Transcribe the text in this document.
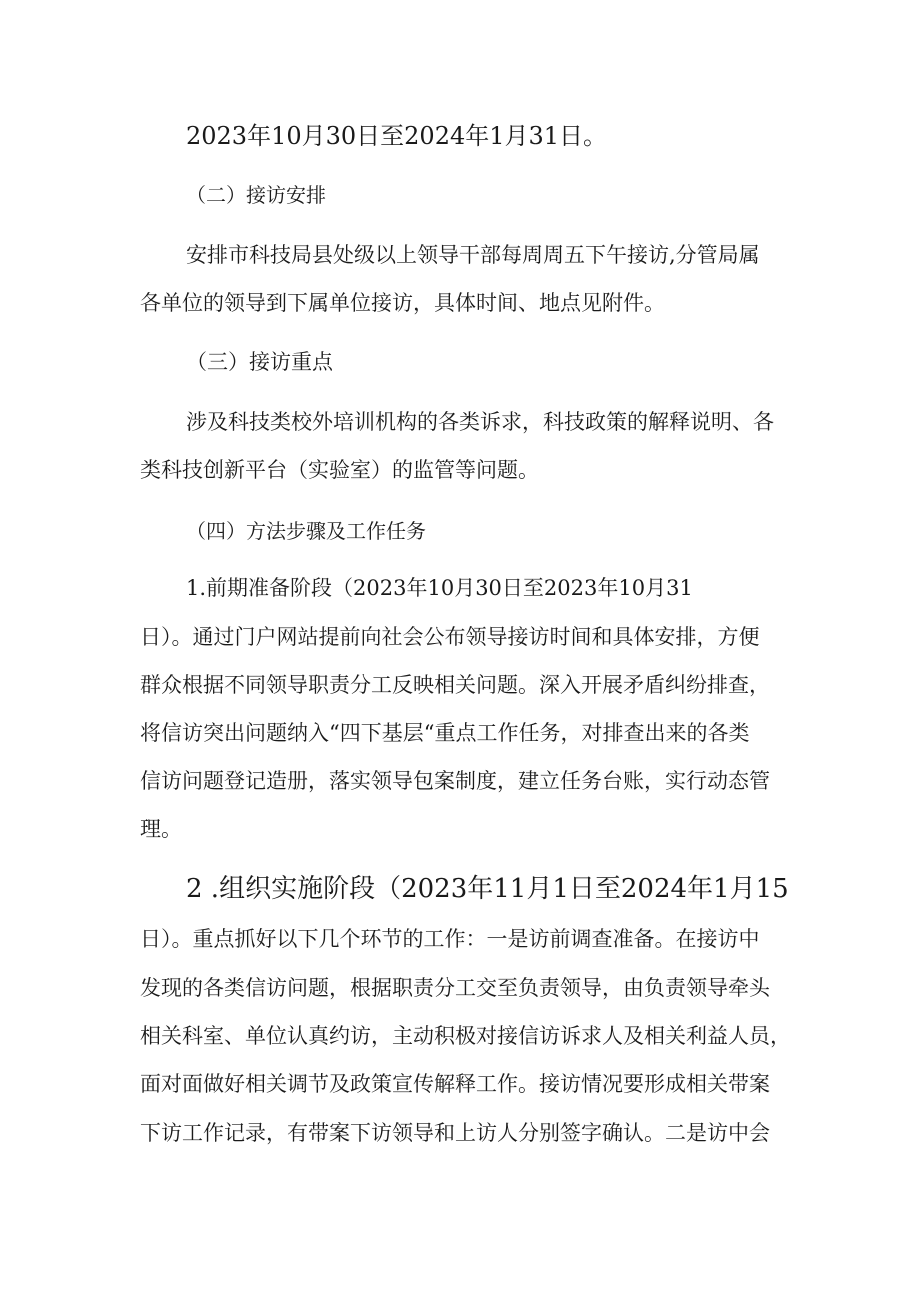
2023年10月30日至2024年1月31日。
（二）接访安排
安排市科技局县处级以上领导干部每周周五下午接访,分管局属
各单位的领导到下属单位接访，具体时间、地点见附件。
（三）接访重点
涉及科技类校外培训机构的各类诉求，科技政策的解释说明、各
类科技创新平台（实验室）的监管等问题。
（四）方法步骤及工作任务
1.前期准备阶段（2023年10月30日至2023年10月31
日）。通过门户网站提前向社会公布领导接访时间和具体安排，方便
群众根据不同领导职责分工反映相关问题。深入开展矛盾纠纷排查，
将信访突出问题纳入“四下基层“重点工作任务，对排查出来的各类
信访问题登记造册，落实领导包案制度，建立任务台账，实行动态管
理。
2 .组织实施阶段（2023年11月1日至2024年1月15
日）。重点抓好以下几个环节的工作：一是访前调查准备。在接访中
发现的各类信访问题，根据职责分工交至负责领导，由负责领导牵头
相关科室、单位认真约访，主动积极对接信访诉求人及相关利益人员，
面对面做好相关调节及政策宣传解释工作。接访情况要形成相关带案
下访工作记录，有带案下访领导和上访人分别签字确认。二是访中会
